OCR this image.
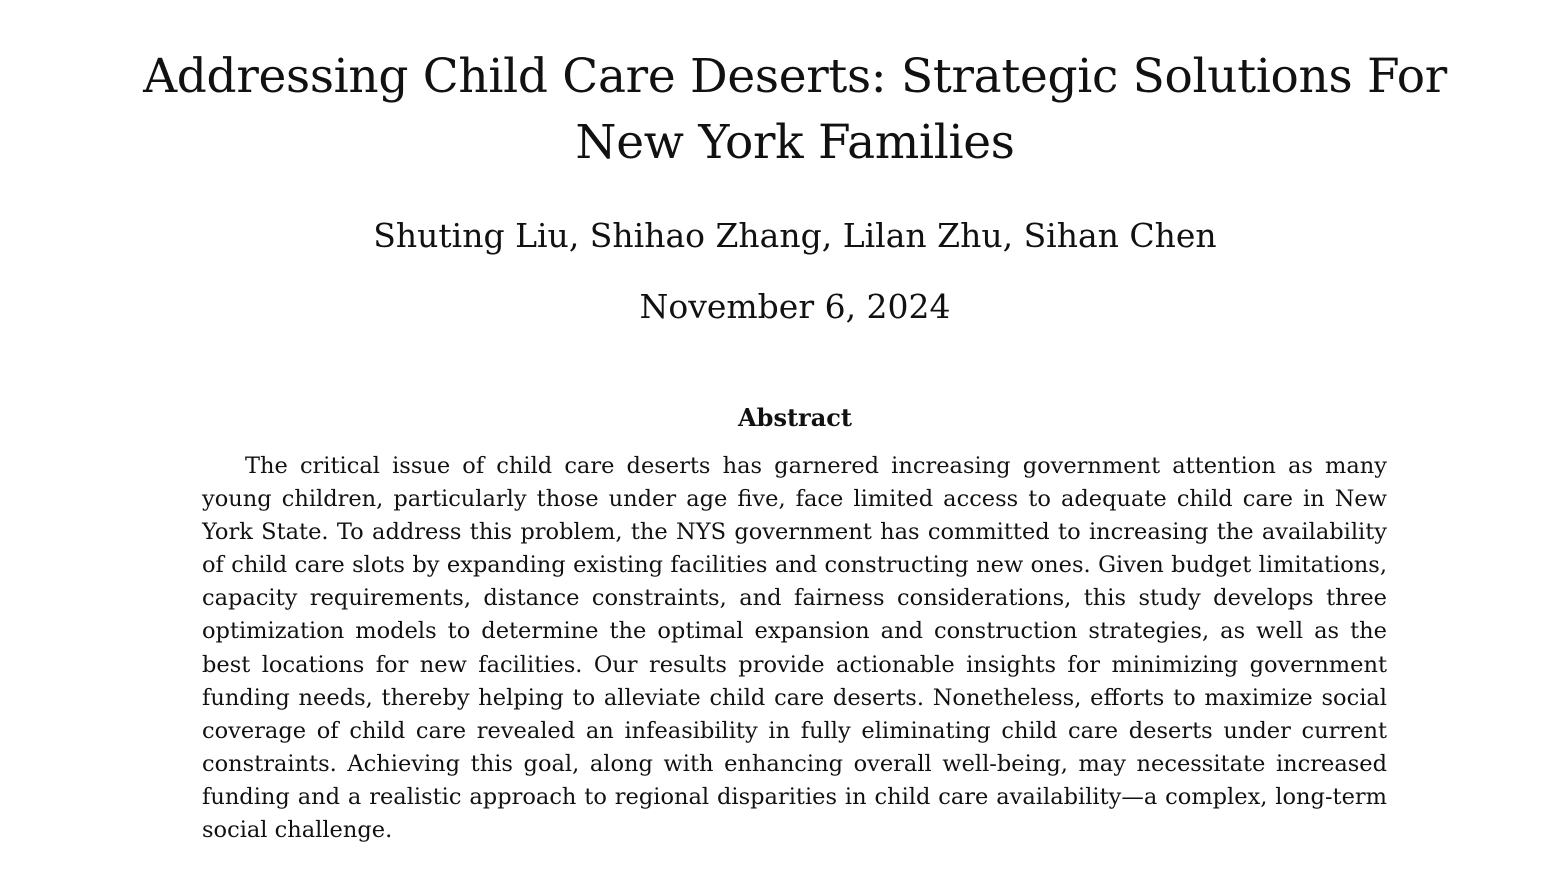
Addressing Child Care Deserts: Strategic Solutions For New York Families
Shuting Liu, Shihao Zhang, Lilan Zhu, Sihan Chen
November 6, 2024
Abstract

The critical issue of child care deserts has garnered increasing government attention as many young children, particularly those under age five, face limited access to adequate child care in New York State. To address this problem, the NYS government has committed to increasing the availability of child care slots by expanding existing facilities and constructing new ones. Given budget limitations, capacity requirements, distance constraints, and fairness considerations, this study develops three optimization models to determine the optimal expansion and construction strategies, as well as the best locations for new facilities. Our results provide actionable insights for minimizing government funding needs, thereby helping to alleviate child care deserts. Nonetheless, efforts to maximize social coverage of child care revealed an infeasibility in fully eliminating child care deserts under current constraints. Achieving this goal, along with enhancing overall well-being, may necessitate increased funding and a realistic approach to regional disparities in child care availability—a complex, long-term social challenge.
